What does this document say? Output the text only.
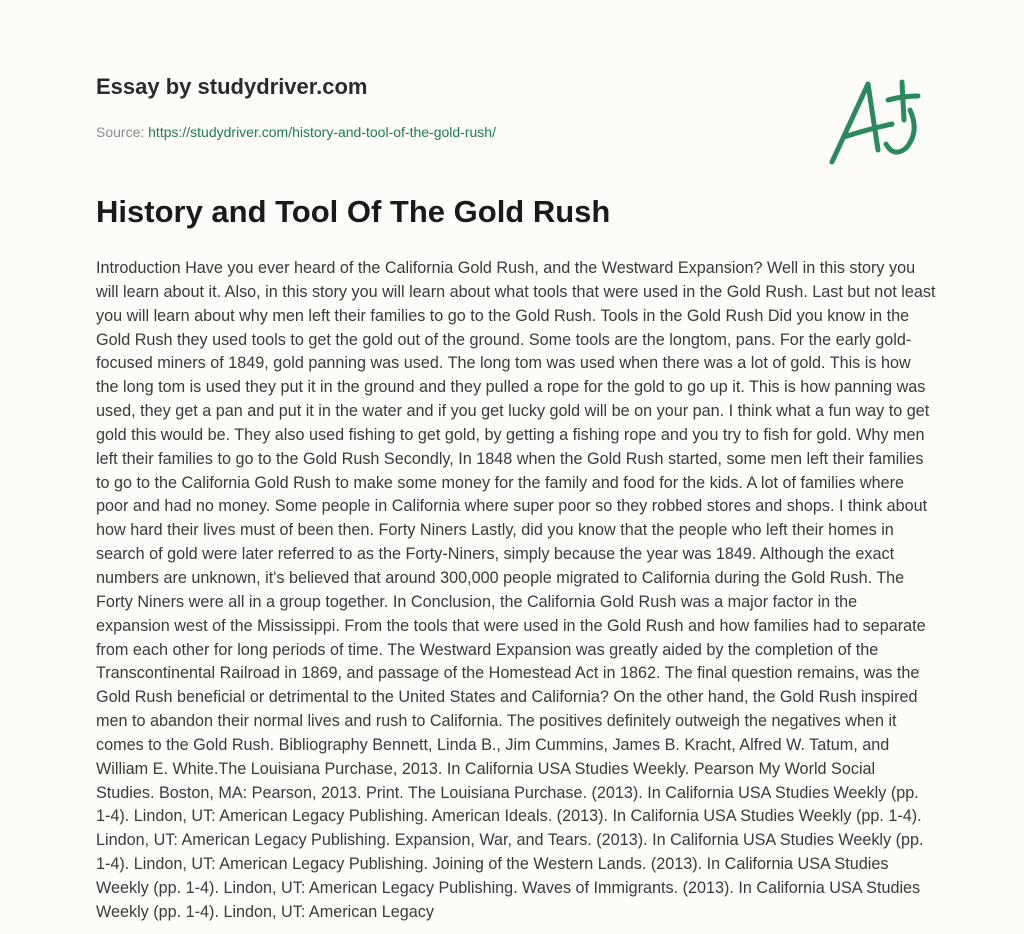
Essay by studydriver.com
Source: https://studydriver.com/history-and-tool-of-the-gold-rush/
History and Tool Of The Gold Rush
Introduction Have you ever heard of the California Gold Rush, and the Westward Expansion? Well in this story you
will learn about it. Also, in this story you will learn about what tools that were used in the Gold Rush. Last but not least
you will learn about why men left their families to go to the Gold Rush. Tools in the Gold Rush Did you know in the
Gold Rush they used tools to get the gold out of the ground. Some tools are the longtom, pans. For the early gold-
focused miners of 1849, gold panning was used. The long tom was used when there was a lot of gold. This is how
the long tom is used they put it in the ground and they pulled a rope for the gold to go up it. This is how panning was
used, they get a pan and put it in the water and if you get lucky gold will be on your pan. I think what a fun way to get
gold this would be. They also used fishing to get gold, by getting a fishing rope and you try to fish for gold. Why men
left their families to go to the Gold Rush Secondly, In 1848 when the Gold Rush started, some men left their families
to go to the California Gold Rush to make some money for the family and food for the kids. A lot of families where
poor and had no money. Some people in California where super poor so they robbed stores and shops. I think about
how hard their lives must of been then. Forty Niners Lastly, did you know that the people who left their homes in
search of gold were later referred to as the Forty-Niners, simply because the year was 1849. Although the exact
numbers are unknown, it's believed that around 300,000 people migrated to California during the Gold Rush. The
Forty Niners were all in a group together. In Conclusion, the California Gold Rush was a major factor in the
expansion west of the Mississippi. From the tools that were used in the Gold Rush and how families had to separate
from each other for long periods of time. The Westward Expansion was greatly aided by the completion of the
Transcontinental Railroad in 1869, and passage of the Homestead Act in 1862. The final question remains, was the
Gold Rush beneficial or detrimental to the United States and California? On the other hand, the Gold Rush inspired
men to abandon their normal lives and rush to California. The positives definitely outweigh the negatives when it
comes to the Gold Rush. Bibliography Bennett, Linda B., Jim Cummins, James B. Kracht, Alfred W. Tatum, and
William E. White.The Louisiana Purchase, 2013. In California USA Studies Weekly. Pearson My World Social
Studies. Boston, MA: Pearson, 2013. Print. The Louisiana Purchase. (2013). In California USA Studies Weekly (pp.
1-4). Lindon, UT: American Legacy Publishing. American Ideals. (2013). In California USA Studies Weekly (pp. 1-4).
Lindon, UT: American Legacy Publishing. Expansion, War, and Tears. (2013). In California USA Studies Weekly (pp.
1-4). Lindon, UT: American Legacy Publishing. Joining of the Western Lands. (2013). In California USA Studies
Weekly (pp. 1-4). Lindon, UT: American Legacy Publishing. Waves of Immigrants. (2013). In California USA Studies
Weekly (pp. 1-4). Lindon, UT: American Legacy
